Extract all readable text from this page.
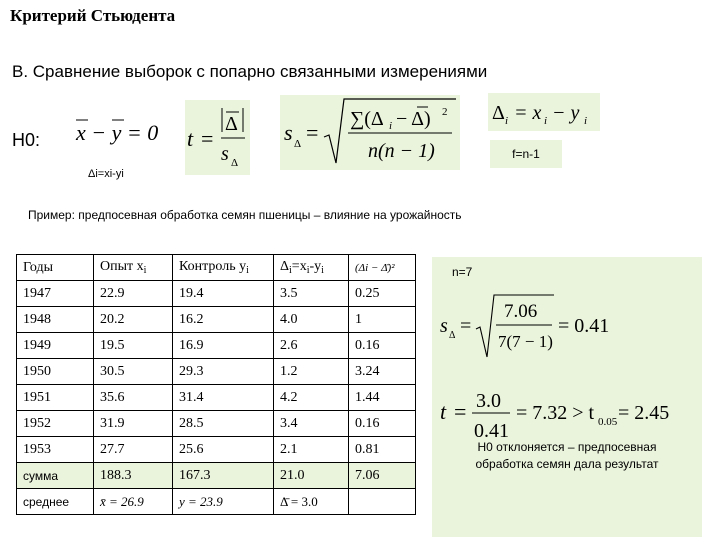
Критерий Стьюдента
В. Сравнение выборок с попарно связанными измерениями
H0: x − y = 0 t =
Δ
s Δ
s Δ =
∑(Δ i − Δ) 2
n(n − 1)
Δ i = x i − y i
f=n-1
Δi=xi-yi
Пример: предпосевная обработка семян пшеницы – влияние на урожайность
Годы	Опыт $x_i$	Контроль $y_i$	$\Delta_i=x_i-y_i$	(Δi − Δ̄)²
1947	22.9	19.4	3.5	0.25
1948	20.2	16.2	4.0	1
1949	19.5	16.9	2.6	0.16
1950	30.5	29.3	1.2	3.24
1951	35.6	31.4	4.2	1.44
1952	31.9	28.5	3.4	0.16
1953	27.7	25.6	2.1	0.81
сумма	188.3	167.3	21.0	7.06
среднее	x̄ = 26.9	y = 23.9	Δ̄ = 3.0	
n=7
s Δ =
7.06
7(7 − 1)
= 0.41
t = 3.0
0.41
= 7.32 > t 0.05 = 2.45
H0 отклоняется – предпосевная обработка семян дала результат
